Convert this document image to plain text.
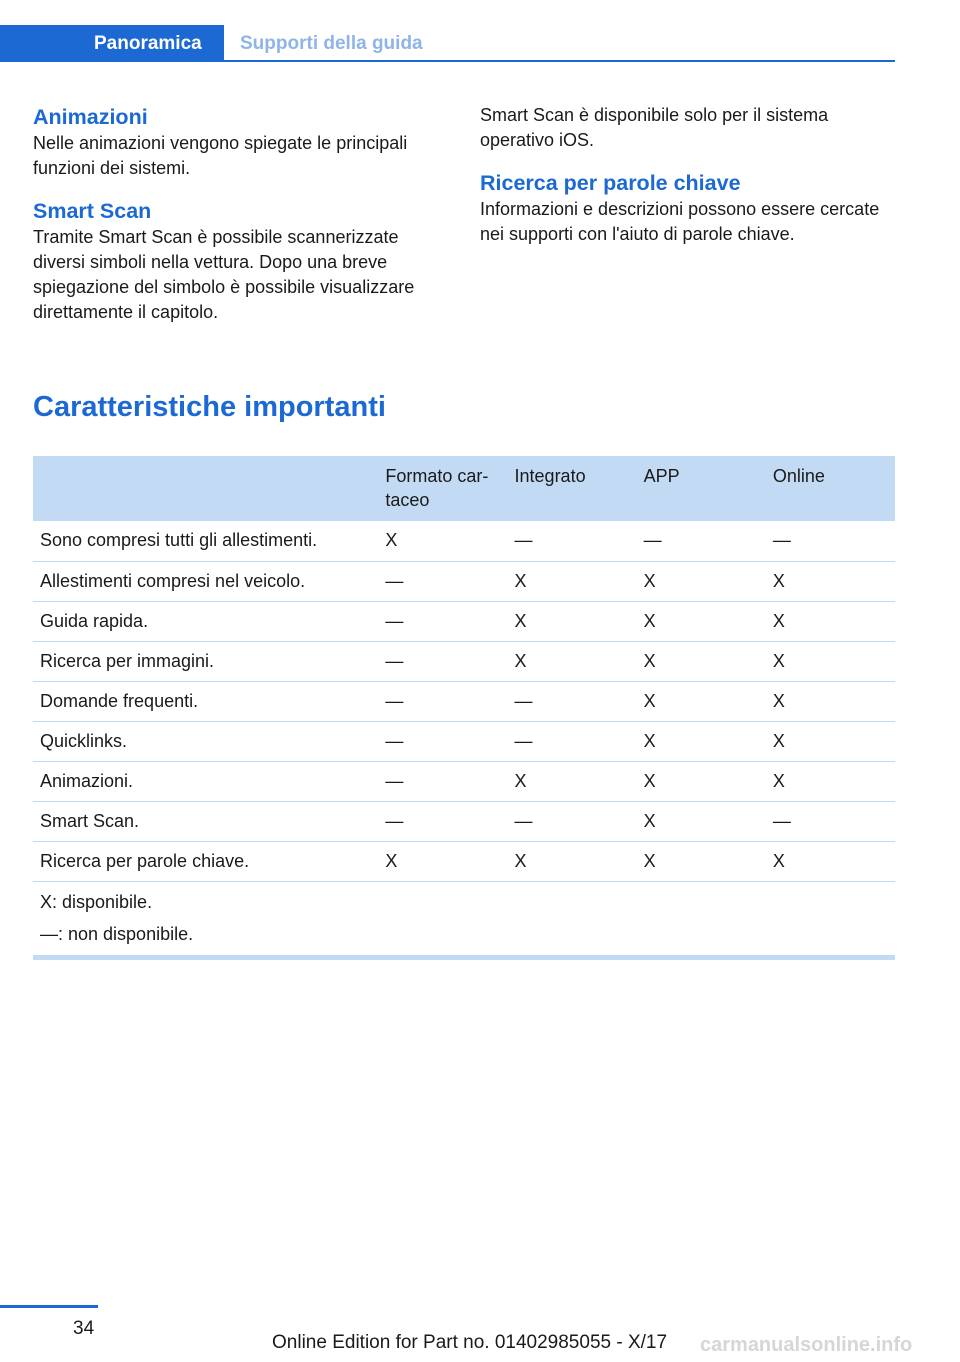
Panoramica	Supporti della guida
Animazioni

Nelle animazioni vengono spiegate le principali funzioni dei sistemi.

Smart Scan

Tramite Smart Scan è possibile scannerizzate diversi simboli nella vettura. Dopo una breve spiegazione del simbolo è possibile visualizzare direttamente il capitolo.

Smart Scan è disponibile solo per il sistema operativo iOS.

Ricerca per parole chiave

Informazioni e descrizioni possono essere cercate nei supporti con l'aiuto di parole chiave.

Caratteristiche importanti
	Formato cartaceo	Integrato	APP	Online
Sono compresi tutti gli allestimenti.	X	—	—	—
Allestimenti compresi nel veicolo.	—	X	X	X
Guida rapida.	—	X	X	X
Ricerca per immagini.	—	X	X	X
Domande frequenti.	—	—	X	X
Quicklinks.	—	—	X	X
Animazioni.	—	X	X	X
Smart Scan.	—	—	X	—
Ricerca per parole chiave.	X	X	X	X

X: disponibile.
—: non disponibile.				
34
Online Edition for Part no. 01402985055 - X/17 carmanualsonline.info
